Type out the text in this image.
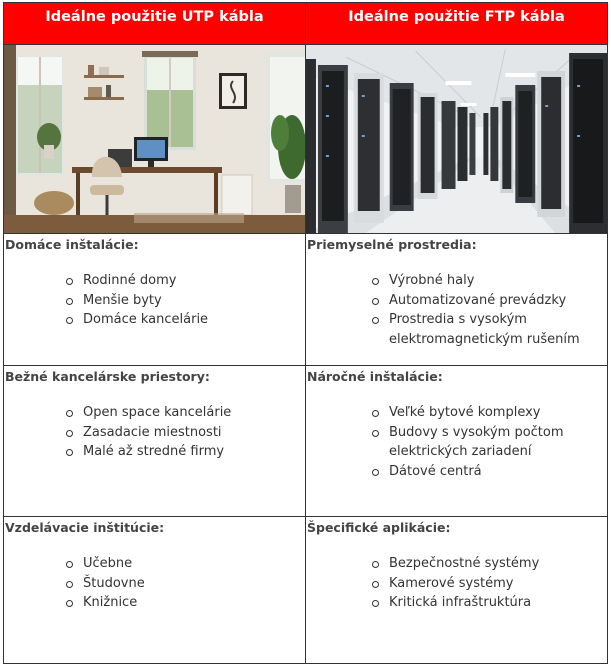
Ideálne použitie UTP kábla	Ideálne použitie FTP kábla
Domáce inštalácie:
Rodinné domy
Menšie byty
Domáce kancelárie
Priemyselné prostredia:
Výrobné haly
Automatizované prevádzky
Prostredia s vysokým elektromagnetickým rušením
Bežné kancelárske priestory:
Open space kancelárie
Zasadacie miestnosti
Malé až stredné firmy
Náročné inštalácie:
Veľké bytové komplexy
Budovy s vysokým počtom elektrických zariadení
Dátové centrá
Vzdelávacie inštitúcie:
Učebne
Študovne
Knižnice
Špecifické aplikácie:
Bezpečnostné systémy
Kamerové systémy
Kritická infraštruktúra
